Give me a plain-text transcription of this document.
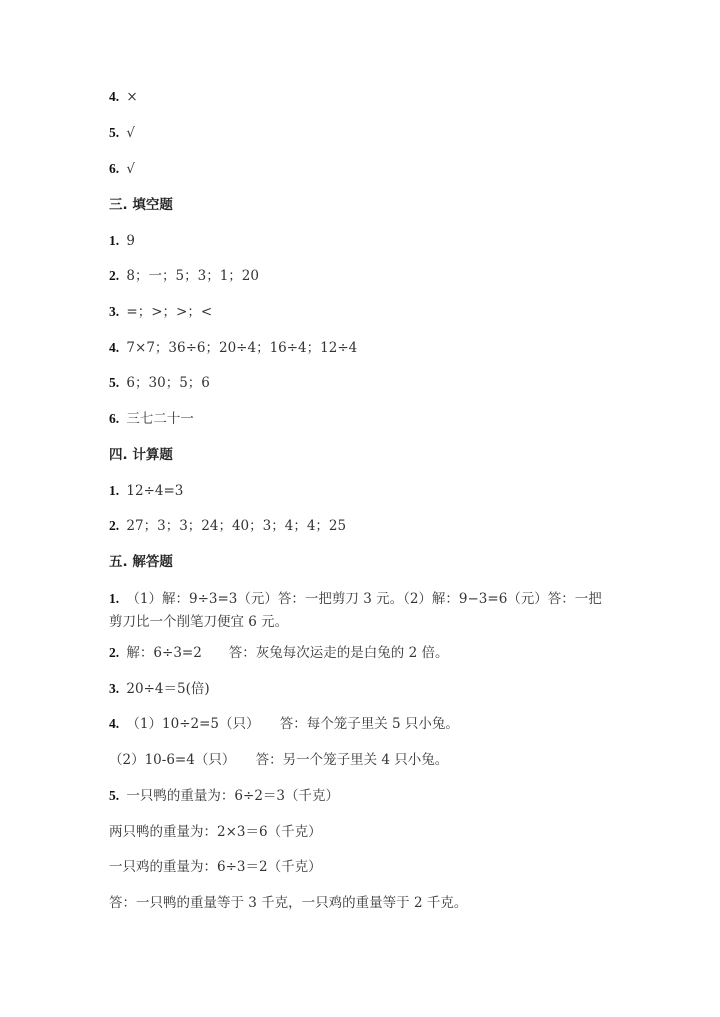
4. ×
5. √
6. √
三. 填空题
1. 9
2. 8；一；5；3；1；20
3. =；>；>；<
4. 7×7；36÷6；20÷4；16÷4；12÷4
5. 6；30；5；6
6. 三七二十一
四. 计算题
1. 12÷4=3
2. 27；3；3；24；40；3；4；4；25
五. 解答题
1. （1）解：9÷3=3（元）答：一把剪刀 3 元。（2）解：9−3=6（元）答：一把剪刀比一个削笔刀便宜 6 元。
2. 解：6÷3=2　　答：灰兔每次运走的是白兔的 2 倍。
3. 20÷4＝5(倍)
4. （1）10÷2=5（只）　　答：每个笼子里关 5 只小兔。
（2）10-6=4（只）　　答：另一个笼子里关 4 只小兔。
5. 一只鸭的重量为：6÷2＝3（千克）
两只鸭的重量为：2×3＝6（千克）
一只鸡的重量为：6÷3＝2（千克）
答：一只鸭的重量等于 3 千克，一只鸡的重量等于 2 千克。
